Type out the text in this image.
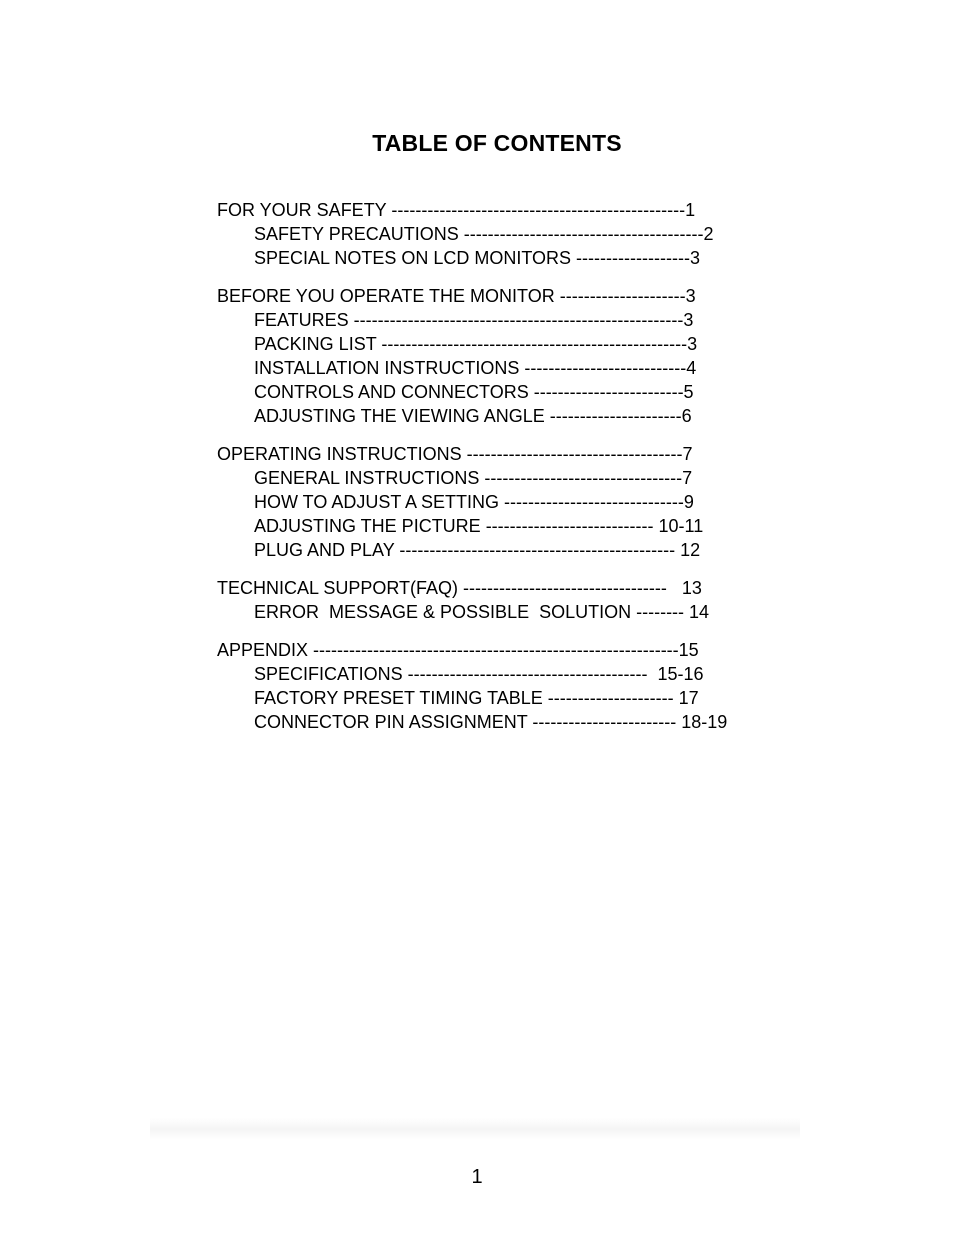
TABLE OF CONTENTS
FOR YOUR SAFETY -------------------------------------------------1
SAFETY PRECAUTIONS ----------------------------------------2
SPECIAL NOTES ON LCD MONITORS -------------------3
BEFORE YOU OPERATE THE MONITOR ---------------------3
FEATURES -------------------------------------------------------3
PACKING LIST ---------------------------------------------------3
INSTALLATION INSTRUCTIONS ---------------------------4
CONTROLS AND CONNECTORS -------------------------5
ADJUSTING THE VIEWING ANGLE ----------------------6
OPERATING INSTRUCTIONS ------------------------------------7
GENERAL INSTRUCTIONS ---------------------------------7
HOW TO ADJUST A SETTING ------------------------------9
ADJUSTING THE PICTURE ---------------------------- 10-11
PLUG AND PLAY ---------------------------------------------- 12
TECHNICAL SUPPORT(FAQ) ----------------------------------   13
ERROR  MESSAGE & POSSIBLE  SOLUTION -------- 14
APPENDIX -------------------------------------------------------------15
SPECIFICATIONS ----------------------------------------  15-16
FACTORY PRESET TIMING TABLE --------------------- 17
CONNECTOR PIN ASSIGNMENT ------------------------ 18-19
1
